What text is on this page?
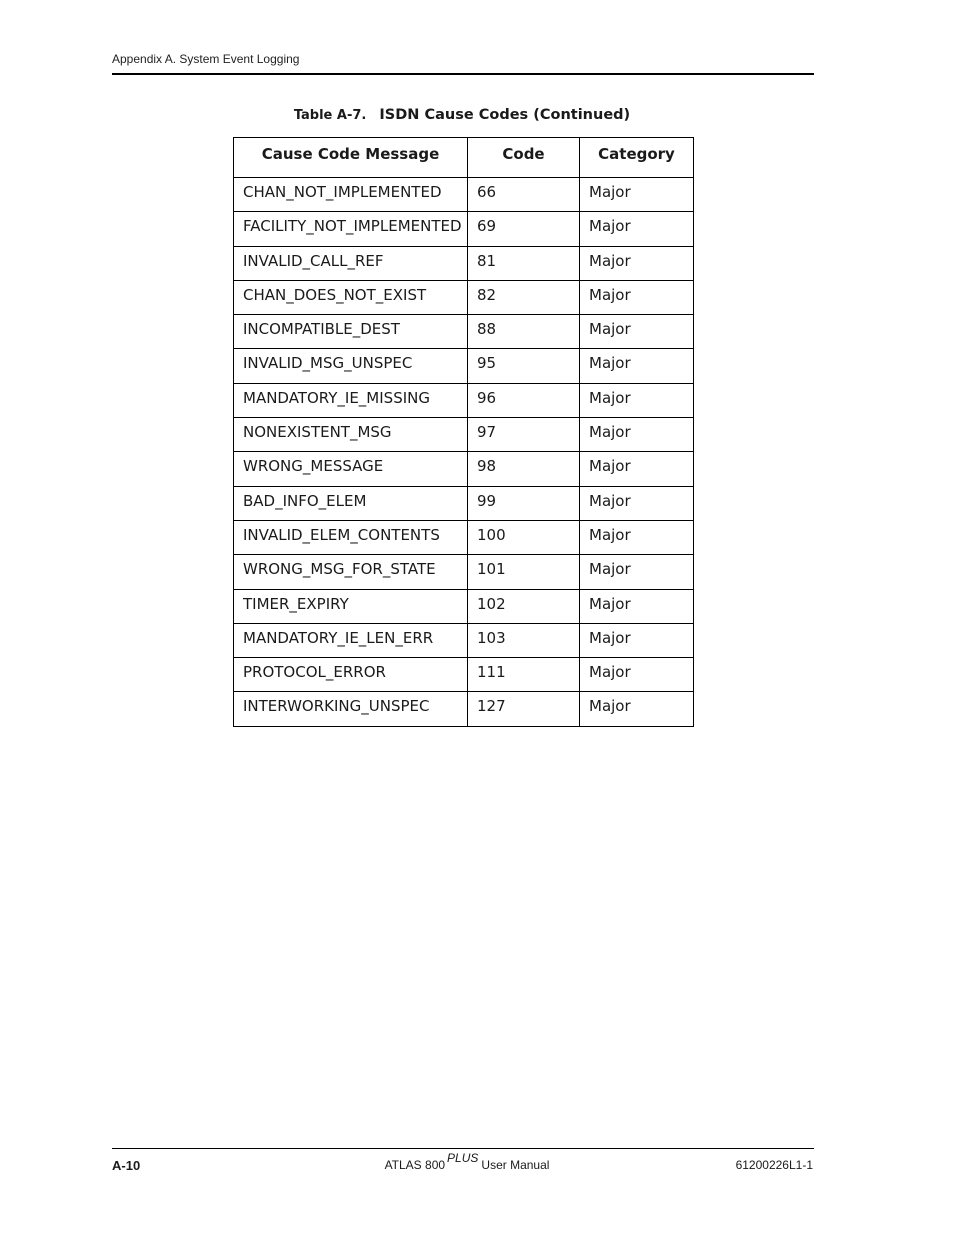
Appendix A. System Event Logging
Table A-7. ISDN Cause Codes (Continued)
Cause Code Message	Code	Category
CHAN_NOT_IMPLEMENTED	66	Major
FACILITY_NOT_IMPLEMENTED	69	Major
INVALID_CALL_REF	81	Major
CHAN_DOES_NOT_EXIST	82	Major
INCOMPATIBLE_DEST	88	Major
INVALID_MSG_UNSPEC	95	Major
MANDATORY_IE_MISSING	96	Major
NONEXISTENT_MSG	97	Major
WRONG_MESSAGE	98	Major
BAD_INFO_ELEM	99	Major
INVALID_ELEM_CONTENTS	100	Major
WRONG_MSG_FOR_STATE	101	Major
TIMER_EXPIRY	102	Major
MANDATORY_IE_LEN_ERR	103	Major
PROTOCOL_ERROR	111	Major
INTERWORKING_UNSPEC	127	Major
A-10	ATLAS 800 PLUS User Manual	61200226L1-1
